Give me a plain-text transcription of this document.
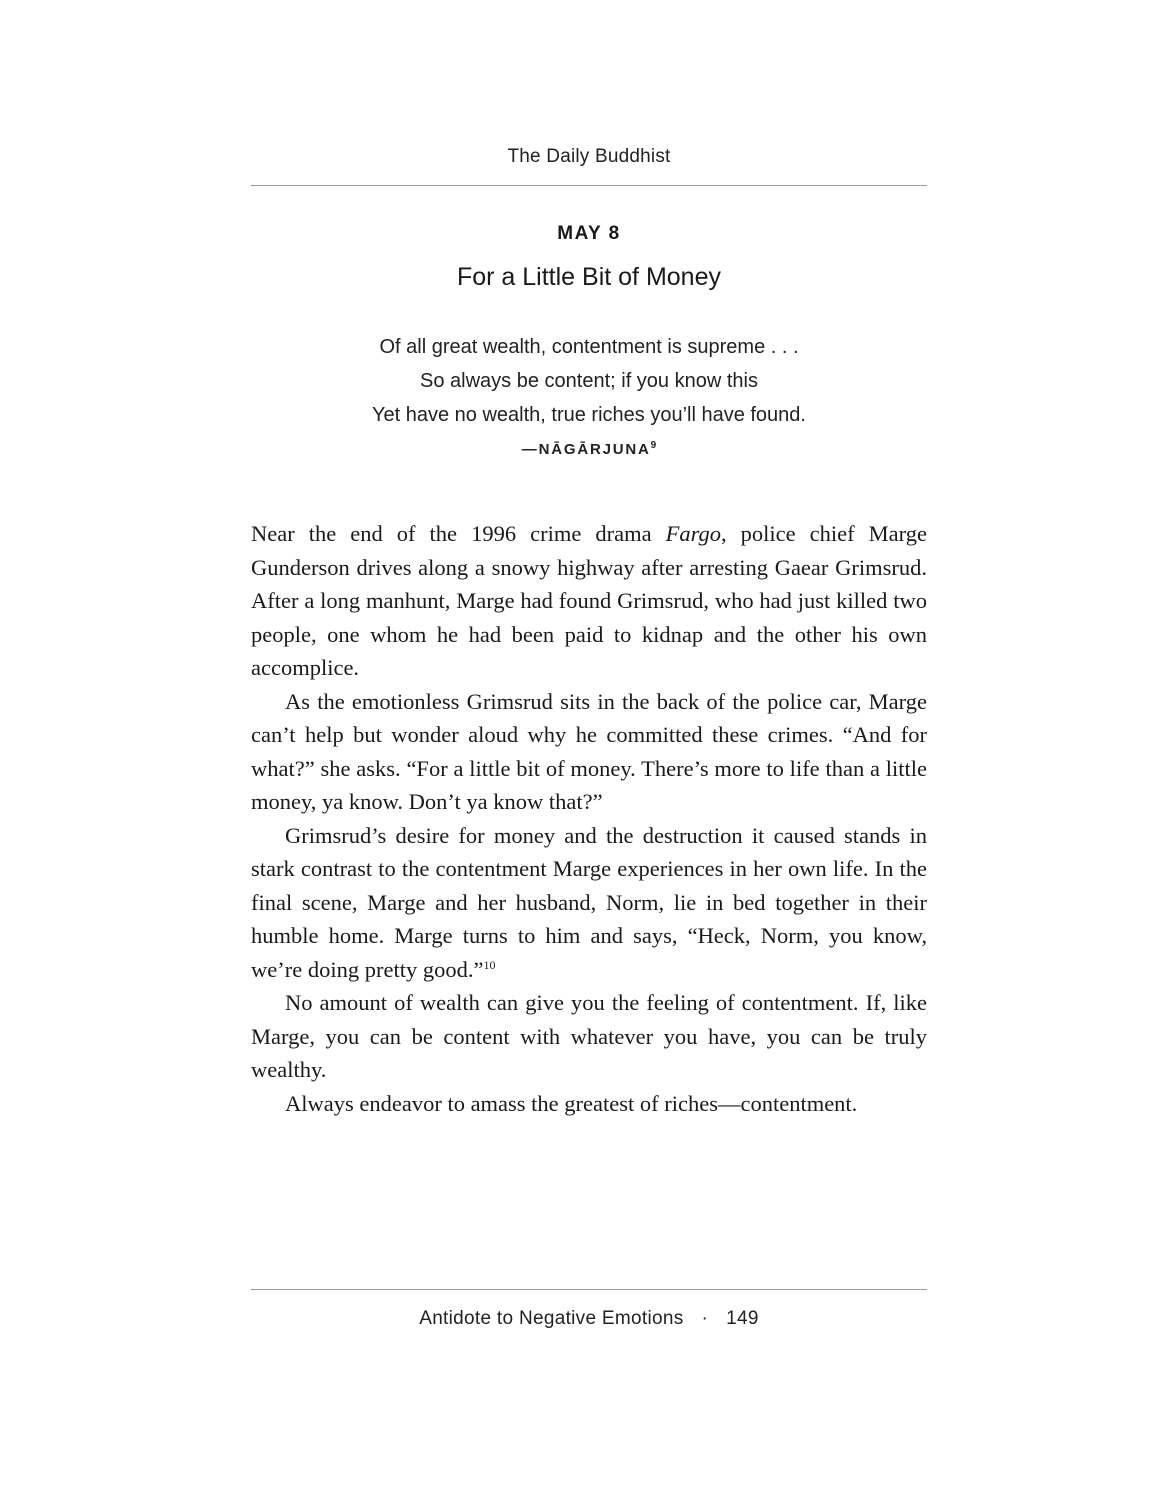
The Daily Buddhist
MAY 8
For a Little Bit of Money
Of all great wealth, contentment is supreme . . .
So always be content; if you know this
Yet have no wealth, true riches you’ll have found.
—NĀGĀRJUNA$^9$

Near the end of the 1996 crime drama Fargo, police chief Marge Gunderson drives along a snowy highway after arresting Gaear Grimsrud. After a long manhunt, Marge had found Grimsrud, who had just killed two people, one whom he had been paid to kidnap and the other his own accomplice.

As the emotionless Grimsrud sits in the back of the police car, Marge can’t help but wonder aloud why he committed these crimes. “And for what?” she asks. “For a little bit of money. There’s more to life than a little money, ya know. Don’t ya know that?”

Grimsrud’s desire for money and the destruction it caused stands in stark contrast to the contentment Marge experiences in her own life. In the final scene, Marge and her husband, Norm, lie in bed together in their humble home. Marge turns to him and says, “Heck, Norm, you know, we’re doing pretty good.”$^{10}$

No amount of wealth can give you the feeling of contentment. If, like Marge, you can be content with whatever you have, you can be truly wealthy.

Always endeavor to amass the greatest of riches—contentment.

Antidote to Negative Emotions · 149
